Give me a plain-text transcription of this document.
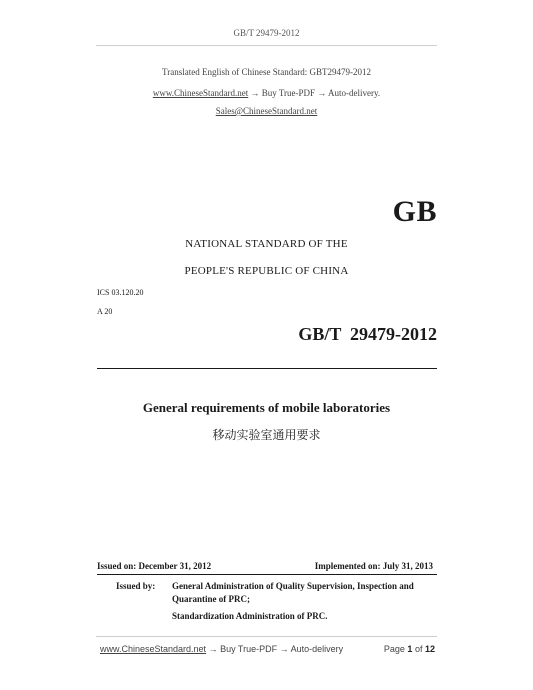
GB/T 29479-2012
Translated English of Chinese Standard: GBT29479-2012
www.ChineseStandard.net → Buy True-PDF → Auto-delivery.
Sales@ChineseStandard.net
GB
NATIONAL STANDARD OF THE
PEOPLE'S REPUBLIC OF CHINA
ICS 03.120.20
A 20
GB/T  29479-2012
General requirements of mobile laboratories
移动实验室通用要求
Issued on: December 31, 2012	Implemented on: July 31, 2013
Issued by: General Administration of Quality Supervision, Inspection and
Quarantine of PRC;
Standardization Administration of PRC.
www.ChineseStandard.net → Buy True-PDF → Auto-delivery	Page 1 of 12
